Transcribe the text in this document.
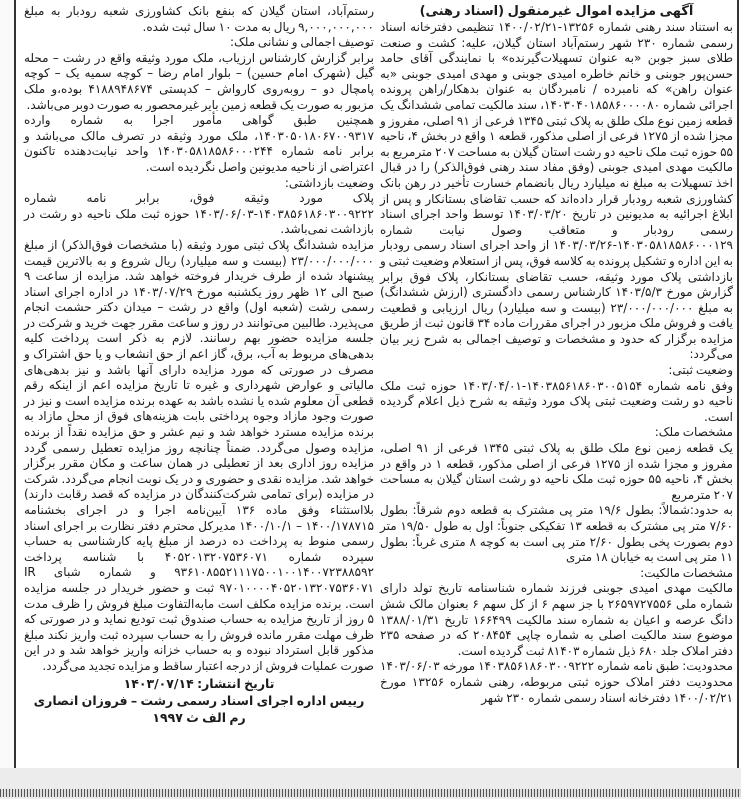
آگهی مزایده اموال غیرمنقول (اسناد رهنی)

به استناد سند رهنی شماره ۱۳۲۵۶-۱۴۰۰/۰۲/۲۱ تنظیمی دفترخانه اسناد رسمی شماره ۲۳۰ شهر رستم‌آباد استان گیلان، علیه: کشت و صنعت طلای سبز جوبن «به عنوان تسهیلات‌گیرنده» با نمایندگی آقای حامد حسن‌پور جوبنی و خانم خاطره امیدی جوبنی و مهدی امیدی جوبنی «به عنوان راهن» که نامبرده / نامبردگان به عنوان بدهکار/راهن پرونده اجرائی شماره ۱۴۰۳۰۴۰۱۸۵۸۶۰۰۰۰۸۰، سند مالکیت تمامی ششدانگ یک قطعه زمین نوع ملک طلق به پلاک ثبتی ۱۳۴۵ فرعی از ۹۱ اصلی، مفروز و مجزا شده از ۱۲۷۵ فرعی از اصلی مذکور، قطعه ۱ واقع در بخش ۴، ناحیه ۵۵ حوزه ثبت ملک ناحیه دو رشت استان گیلان به مساحت ۲۰۷ مترمربع به مالکیت مهدی امیدی جوبنی (وفق مفاد سند رهنی فوق‌الذکر) را در قبال اخذ تسهیلات به مبلغ نه میلیارد ریال بانضمام خسارت تأخیر در رهن بانک کشاورزی شعبه رودبار قرار داده‌اند که حسب تقاضای بستانکار و پس از ابلاغ اجرائیه به مدیونین در تاریخ ۱۴۰۳/۰۳/۲۰ توسط واحد اجرای اسناد رسمی رودبار و متعاقب وصول نیابت شماره ۱۴۰۳۰۵۸۱۸۵۸۶۰۰۰۱۲۹-۱۴۰۳/۰۳/۲۶ از واحد اجرای اسناد رسمی رودبار به این اداره و تشکیل پرونده به کلاسه فوق، پس از استعلام وضعیت ثبتی و بازداشتی پلاک مورد وثیقه، حسب تقاضای بستانکار، پلاک فوق برابر گزارش مورخ ۱۴۰۳/۵/۳ کارشناس رسمی دادگستری (ارزش ششدانگ) به مبلغ ۲۳/۰۰۰/۰۰۰/۰۰۰ (بیست و سه میلیارد) ریال ارزیابی و قطعیت یافت و فروش ملک مزبور در اجرای مقررات ماده ۳۴ قانون ثبت از طریق مزایده برگزار که حدود و مشخصات و توصیف اجمالی به شرح زیر بیان می‌گردد:

وضعیت ثبتی:

وفق نامه شماره ۱۴۰۳۸۵۶۱۸۶۰۳۰۰۵۱۵۴-۱۴۰۳/۰۴/۰۱ حوزه ثبت ملک ناحیه دو رشت وضعیت ثبتی پلاک مورد وثیقه به شرح ذیل اعلام گردیده است.

مشخصات ملک:

یک قطعه زمین نوع ملک طلق به پلاک ثبتی ۱۳۴۵ فرعی از ۹۱ اصلی، مفروز و مجزا شده از ۱۲۷۵ فرعی از اصلی مذکور، قطعه ۱ در واقع در بخش ۴، ناحیه ۵۵ حوزه ثبت ملک ناحیه دو رشت استان گیلان به مساحت ۲۰۷ مترمربع

به حدود:شمالاً: بطول ۱۹/۶ متر پی مشترک به قطعه دوم شرقاً: بطول ۷/۶۰ متر پی مشترک به قطعه ۱۳ تفکیکی جنوباً: اول به طول ۱۹/۵۰ متر دوم بصورت پخی بطول ۲/۶۰ متر پی است به کوچه ۸ متری غرباً: بطول ۱۱ متر پی است به خیابان ۱۸ متری

مشخصات مالکیت:

مالکیت مهدی امیدی جوبنی فرزند شماره شناسنامه تاریخ تولد دارای شماره ملی ۲۶۵۹۷۲۷۵۵۶ با جز سهم ۶ از کل سهم ۶ بعنوان مالک شش دانگ عرصه و اعیان به شماره سند مالکیت ۱۶۶۴۹۹ تاریخ ۱۳۸۸/۰۱/۳۱ موضوع سند مالکیت اصلی به شماره چاپی ۲۰۸۴۵۴ که در صفحه ۲۳۵ دفتر املاک جلد ۶۸۰ ذیل شماره ۸۱۴۰۳ ثبت گردیده است.

محدودیت: طبق نامه شماره ۱۴۰۳۸۵۶۱۸۶۰۳۰۰۹۲۲۲ مورخه ۱۴۰۳/۰۶/۰۳ محدودیت دفتر املاک حوزه ثبتی مربوطه، رهنی شماره ۱۳۲۵۶ مورخ ۱۴۰۰/۰۲/۲۱ دفترخانه اسناد رسمی شماره ۲۳۰ شهر

رستم‌آباد، استان گیلان که بنفع بانک کشاورزی شعبه رودبار به مبلغ ۹,۰۰۰,۰۰۰,۰۰۰ ریال به مدت ۱۰ سال ثبت شده.

توصیف اجمالی و نشانی ملک:

برابر گزارش کارشناس ارزیاب، ملک مورد وثیقه واقع در رشت – محله گیل (شهرک امام حسین) – بلوار امام رضا – کوچه سمیه یک – کوچه پامچال دو – روبه‌روی کارواش – کدپستی ۴۱۸۸۹۴۸۶۷۴ بوده،و ملک مزبور به صورت یک قطعه زمین بایر غیرمحصور به صورت دوبر می‌باشد.

همچنین طبق گواهی مأمور اجرا به شماره وارده ۱۴۰۳۰۵۰۱۸۰۶۷۰۰۹۳۱۷، ملک مورد وثیقه در تصرف مالک می‌باشد و برابر نامه شماره ۱۴۰۳۰۵۸۱۸۵۸۶۰۰۰۲۴۴ واحد نیابت‌دهنده تاکنون اعتراضی از ناحیه مدیونین واصل نگردیده است.

وضعیت بازداشتی:

پلاک مورد وثیقه فوق، برابر نامه شماره ۱۴۰۳۸۵۶۱۸۶۰۳۰۰۹۲۲۲-۱۴۰۳/۰۶/۰۳ حوزه ثبت ملک ناحیه دو رشت در بازداشت نمی‌باشد.

مزایده ششدانگ پلاک ثبتی مورد وثیقه (با مشخصات فوق‌الذکر) از مبلغ ۲۳/۰۰۰/۰۰۰/۰۰۰ (بیست و سه میلیارد) ریال شروع و به بالاترین قیمت پیشنهاد شده از طرف خریدار فروخته خواهد شد. مزایده از ساعت ۹ صبح الی ۱۲ ظهر روز یکشنبه مورخ ۱۴۰۳/۰۷/۲۹ در اداره اجرای اسناد رسمی رشت (شعبه اول) واقع در رشت – میدان دکتر حشمت انجام می‌پذیرد. طالبین می‌توانند در روز و ساعت مقرر جهت خرید و شرکت در جلسه مزایده حضور بهم رسانند. لازم به ذکر است پرداخت کلیه بدهی‌های مربوط به آب، برق، گاز اعم از حق انشعاب و یا حق اشتراک و مصرف در صورتی که مورد مزایده دارای آنها باشد و نیز بدهی‌های مالیاتی و عوارض شهرداری و غیره تا تاریخ مزایده اعم از اینکه رقم قطعی آن معلوم شده یا نشده باشد به عهده برنده مزایده است و نیز در صورت وجود مازاد وجوه پرداختی بابت هزینه‌های فوق از محل مازاد به برنده مزایده مسترد خواهد شد و نیم عشر و حق مزایده نقداً از برنده مزایده وصول می‌گردد. ضمناً چنانچه روز مزایده تعطیل رسمی گردد مزایده روز اداری بعد از تعطیلی در همان ساعت و مکان مقرر برگزار خواهد شد. مزایده نقدی و حضوری و در یک نوبت انجام می‌گردد. شرکت در مزایده (برای تمامی شرکت‌کنندگان در مزایده که قصد رقابت دارند) بلااستثناء وفق ماده ۱۳۶ آیین‌نامه اجرا و در اجرای بخشنامه ۱۴۰۰/۱۷۸۷۱۵ – ۱۴۰۰/۱۰/۱ مدیرکل محترم دفتر نظارت بر اجرای اسناد رسمی منوط به پرداخت ده درصد از مبلغ پایه کارشناسی به حساب سپرده شماره ۴۰۵۲۰۱۳۲۰۷۵۳۶۰۷۱ با شناسه پرداخت ۹۳۶۱۰۸۵۵۲۱۱۱۷۵۰۰۱۰۰۱۴۰۰۷۲۳۸۸۵۹۲ و شماره شبای IR ۹۷۰۱۰۰۰۰۴۰۵۲۰۱۳۲۰۷۵۳۶۰۷۱ ثبت و حضور خریدار در جلسه مزایده است. برنده مزایده مکلف است مابه‌التفاوت مبلغ فروش را ظرف مدت ۵ روز از تاریخ مزایده به حساب صندوق ثبت تودیع نماید و در صورتی که ظرف مهلت مقرر مانده فروش را به حساب سپرده ثبت واریز نکند مبلغ مذکور قابل استرداد نبوده و به حساب خزانه واریز خواهد شد و در این صورت عملیات فروش از درجه اعتبار ساقط و مزایده تجدید می‌گردد.

تاریخ انتشار: ۱۴۰۳/۰۷/۱۴

رییس اداره اجرای اسناد رسمی رشت – فروزان انصاری

رم الف ث ۱۹۹۷
